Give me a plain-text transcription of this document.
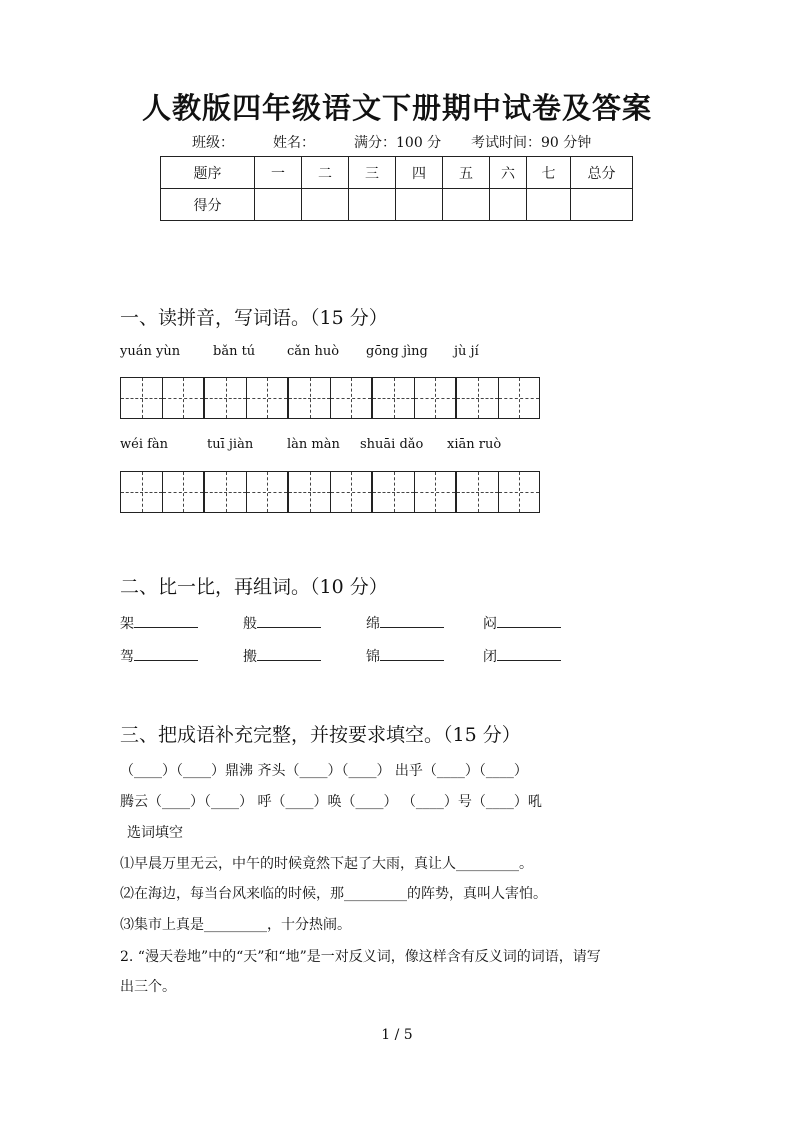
人教版四年级语文下册期中试卷及答案
班级：	姓名：	满分：100 分 考试时间：90 分钟
题序	一	二	三	四	五	六	七	总分
得分								
一、读拼音，写词语。（15 分）
yuán yùn	bǎn tú cǎn huò gōng jìng jù jí
wéi fàn	tuī jiàn	làn màn shuāi dǎo xiān ruò
二、比一比，再组词。（10 分）
架	般	绵	闷
驾	搬	锦	闭
三、把成语补充完整，并按要求填空。（15 分）
（____）（____）鼎沸 齐头（____）（____） 出乎（____）（____）
腾云（____）（____） 呼（____）唤（____） （____）号（____）吼
选词填空
⑴早晨万里无云，中午的时候竟然下起了大雨，真让人_________。
⑵在海边，每当台风来临的时候，那_________的阵势，真叫人害怕。
⑶集市上真是_________，十分热闹。
2. “漫天卷地”中的“天”和“地”是一对反义词，像这样含有反义词的词语，请写
出三个。
1 / 5
